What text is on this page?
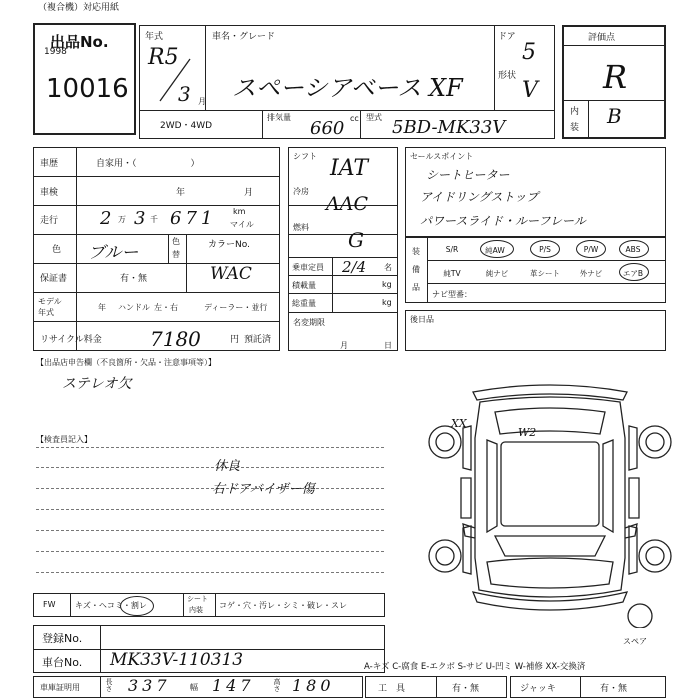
（複合機）対応用紙
出品No.
1998
10016
年式
R5
3 月
車名・グレード
スペーシアベース XF
ドア
5
形状
V
2WD・4WD
排気量
660 cc 型式 5BD-MK33V
評価点
R
内
装 B
車歴	自家用・（　　　　　　）
車検	年	月
走行 2 万 3 千 671 km
マイル
色 ブルー
色
替
カラーNo.
WAC
保証書	有・無
モデル
年式
年 ハンドル 左・右	ディーラー・並行
リサイクル料金 7180	円 預託済
シフト IAT
冷房
AAC
燃料
G
乗車定員 2/4 名
積載量	kg
総重量	kg
名変期限
月	日
セールスポイント
シートヒーター
アイドリングストップ
パワースライド・ルーフレール
装
備
品
S/R	純AW	P/S	P/W	ABS
純TV	純ナビ	革シート	外ナビ	エアB
ナビ型番：
後日品
【出品店申告欄（不良箇所・欠品・注意事項等）】
ステレオ欠
【検査員記入】
休良
右ドアバイザー傷
XX
W2
スペア
FW キズ・ヘコミ・割レ
シート
内装 コゲ・穴・汚レ・シミ・破レ・スレ
登録No.
車台No. MK33V-110313
車庫証明用	長さ 337 幅 147	高さ 180
A-キズ C-腐食 E-エクボ S-サビ U-凹ミ W-補修 XX-交換済
工　具	有・無	ジャッキ	有・無
